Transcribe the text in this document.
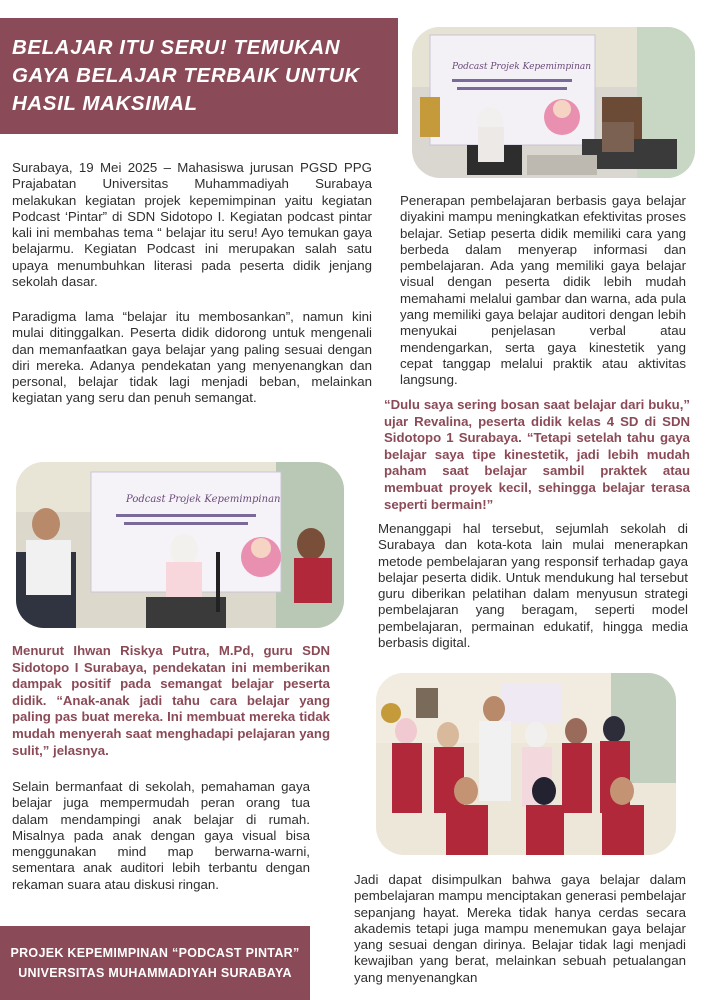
BELAJAR ITU SERU! TEMUKAN GAYA BELAJAR TERBAIK UNTUK HASIL MAKSIMAL

Surabaya, 19 Mei 2025 – Mahasiswa jurusan PGSD PPG Prajabatan Universitas Muhammadiyah Surabaya melakukan kegiatan projek kepemimpinan yaitu kegiatan Podcast ‘Pintar” di SDN Sidotopo I. Kegiatan podcast pintar kali ini membahas tema “ belajar itu seru! Ayo temukan gaya belajarmu. Kegiatan Podcast ini merupakan salah satu upaya menumbuhkan literasi pada peserta didik jenjang sekolah dasar.

Paradigma lama “belajar itu membosankan”, namun kini mulai ditinggalkan. Peserta didik didorong untuk mengenali dan memanfaatkan gaya belajar yang paling sesuai dengan diri mereka. Adanya pendekatan yang menyenangkan dan personal, belajar tidak lagi menjadi beban, melainkan kegiatan yang seru dan penuh semangat.

Podcast Projek Kepemimpinan

Penerapan pembelajaran berbasis gaya belajar diyakini mampu meningkatkan efektivitas proses belajar. Setiap peserta didik memiliki cara yang berbeda dalam menyerap informasi dan pembelajaran. Ada yang memiliki gaya belajar visual dengan peserta didik lebih mudah memahami melalui gambar dan warna, ada pula yang memiliki gaya belajar auditori dengan lebih menyukai penjelasan verbal atau mendengarkan, serta gaya kinestetik yang cepat tanggap melalui praktik atau aktivitas langsung.

“Dulu saya sering bosan saat belajar dari buku,” ujar Revalina, peserta didik kelas 4 SD di SDN Sidotopo 1 Surabaya. “Tetapi setelah tahu gaya belajar saya tipe kinestetik, jadi lebih mudah paham saat belajar sambil praktek atau membuat proyek kecil, sehingga belajar terasa seperti bermain!”

Menanggapi hal tersebut, sejumlah sekolah di Surabaya dan kota-kota lain mulai menerapkan metode pembelajaran yang responsif terhadap gaya belajar peserta didik. Untuk mendukung hal tersebut guru diberikan pelatihan dalam menyusun strategi pembelajaran yang beragam, seperti model pembelajaran, permainan edukatif, hingga media berbasis digital.

Podcast Projek Kepemimpinan

Menurut Ihwan Riskya Putra, M.Pd, guru SDN Sidotopo I Surabaya, pendekatan ini memberikan dampak positif pada semangat belajar peserta didik. “Anak-anak jadi tahu cara belajar yang paling pas buat mereka. Ini membuat mereka tidak mudah menyerah saat menghadapi pelajaran yang sulit,” jelasnya.

Selain bermanfaat di sekolah, pemahaman gaya belajar juga mempermudah peran orang tua dalam mendampingi anak belajar di rumah. Misalnya pada anak dengan gaya visual bisa menggunakan mind map berwarna-warni, sementara anak auditori lebih terbantu dengan rekaman suara atau diskusi ringan.	Jadi dapat disimpulkan bahwa gaya belajar dalam pembelajaran mampu menciptakan generasi pembelajar sepanjang hayat. Mereka tidak hanya cerdas secara akademis tetapi juga mampu menemukan gaya belajar yang sesuai dengan dirinya. Belajar tidak lagi menjadi kewajiban yang berat, melainkan sebuah petualangan yang menyenangkan

PROJEK KEPEMIMPINAN “PODCAST PINTAR”

UNIVERSITAS MUHAMMADIYAH SURABAYA
